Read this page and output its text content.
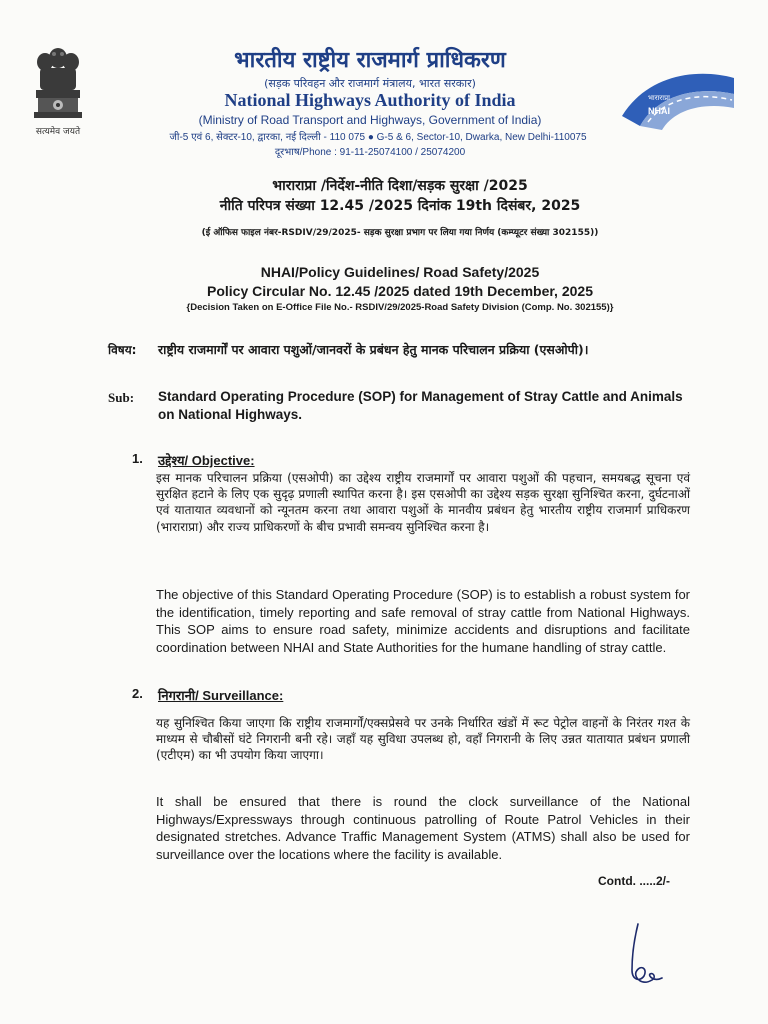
सत्यमेव जयते
भारतीय राष्ट्रीय राजमार्ग प्राधिकरण
(सड़क परिवहन और राजमार्ग मंत्रालय, भारत सरकार)
National Highways Authority of India
(Ministry of Road Transport and Highways, Government of India)
जी-5 एवं 6, सेक्टर-10, द्वारका, नई दिल्ली - 110 075 ● G-5 & 6, Sector-10, Dwarka, New Delhi-110075
दूरभाष/Phone : 91-11-25074100 / 25074200
भाराराप्रा
NHAI
भाराराप्रा /निर्देश-नीति दिशा/सड़क सुरक्षा /2025
नीति परिपत्र संख्या 12.45 /2025 दिनांक 19th दिसंबर, 2025
(ई ऑफिस फाइल नंबर-RSDIV/29/2025- सड़क सुरक्षा प्रभाग पर लिया गया निर्णय (कम्प्यूटर संख्या 302155))
NHAI/Policy Guidelines/ Road Safety/2025
Policy Circular No. 12.45 /2025 dated 19th December, 2025
{Decision Taken on E-Office File No.- RSDIV/29/2025-Road Safety Division (Comp. No. 302155)}
विषय: राष्ट्रीय राजमार्गों पर आवारा पशुओं/जानवरों के प्रबंधन हेतु मानक परिचालन प्रक्रिया (एसओपी)।
Sub: Standard Operating Procedure (SOP) for Management of Stray Cattle and Animals on National Highways.
1. उद्देश्य/ Objective:
इस मानक परिचालन प्रक्रिया (एसओपी) का उद्देश्य राष्ट्रीय राजमार्गों पर आवारा पशुओं की पहचान, समयबद्ध सूचना एवं सुरक्षित हटाने के लिए एक सुदृढ़ प्रणाली स्थापित करना है। इस एसओपी का उद्देश्य सड़क सुरक्षा सुनिश्चित करना, दुर्घटनाओं एवं यातायात व्यवधानों को न्यूनतम करना तथा आवारा पशुओं के मानवीय प्रबंधन हेतु भारतीय राष्ट्रीय राजमार्ग प्राधिकरण (भाराराप्रा) और राज्य प्राधिकरणों के बीच प्रभावी समन्वय सुनिश्चित करना है।
The objective of this Standard Operating Procedure (SOP) is to establish a robust system for the identification, timely reporting and safe removal of stray cattle from National Highways. This SOP aims to ensure road safety, minimize accidents and disruptions and facilitate coordination between NHAI and State Authorities for the humane handling of stray cattle.
2. निगरानी/ Surveillance:
यह सुनिश्चित किया जाएगा कि राष्ट्रीय राजमार्गों/एक्सप्रेसवे पर उनके निर्धारित खंडों में रूट पेट्रोल वाहनों के निरंतर गश्त के माध्यम से चौबीसों घंटे निगरानी बनी रहे। जहाँ यह सुविधा उपलब्ध हो, वहाँ निगरानी के लिए उन्नत यातायात प्रबंधन प्रणाली (एटीएम) का भी उपयोग किया जाएगा।
It shall be ensured that there is round the clock surveillance of the National Highways/Expressways through continuous patrolling of Route Patrol Vehicles in their designated stretches. Advance Traffic Management System (ATMS) shall also be used for surveillance over the locations where the facility is available.
Contd. .....2/-
